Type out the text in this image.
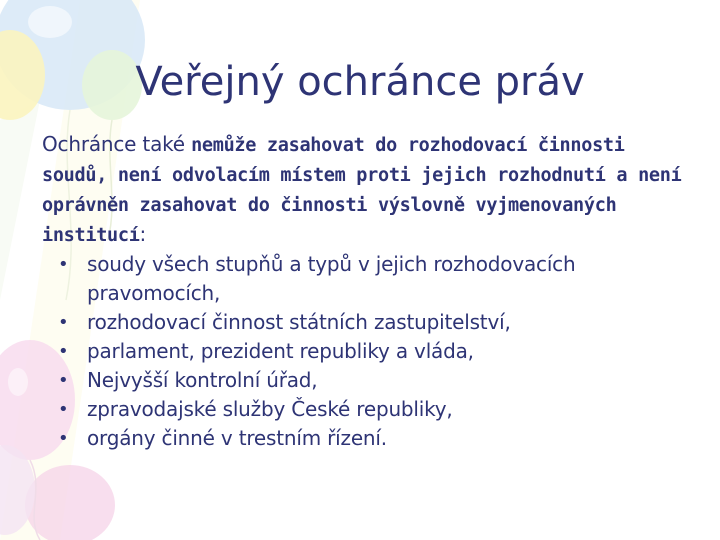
Veřejný ochránce práv

Ochránce také nemůže zasahovat do rozhodovací činnosti soudů, není odvolacím místem proti jejich rozhodnutí a není oprávněn zasahovat do činnosti výslovně vyjmenovaných institucí:

• soudy všech stupňů a typů v jejich rozhodovacích pravomocích,
• rozhodovací činnost státních zastupitelství,
• parlament, prezident republiky a vláda,
• Nejvyšší kontrolní úřad,
• zpravodajské služby České republiky,
• orgány činné v trestním řízení.
